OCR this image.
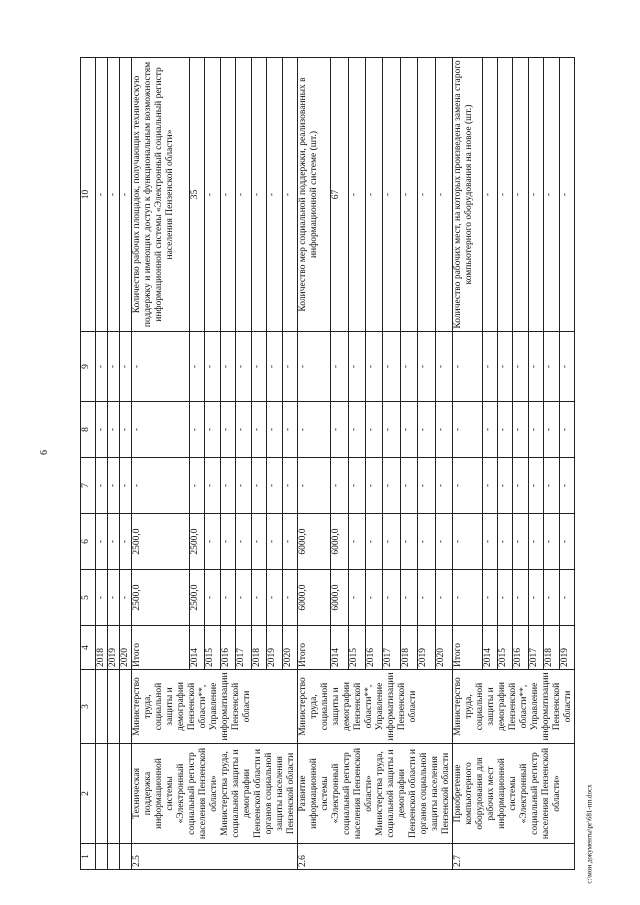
6
c:\мои документы\рг\681-пп.docx
1	2	3	4	5	6	7	8	9	10
			2018	-	-	-	-	-	-
			2019	-	-	-	-	-	-
			2020	-	-	-	-	-	-
2.5	Техническая поддержка информационной системы «Электронный социальный регистр населения Пензенской области» Министерства труда, социальной защиты и демографии Пензенской области и органов социальной защиты населения Пензенской области	Министерство труда, социальной защиты и демографии Пензенской области**, Управление информатизации Пензенской области	Итого	2500,0	2500,0	-	-	-	Количество рабочих площадок, получающих техническую поддержку и имеющих доступ к функциональным возможностям информационной системы «Электронный социальный регистр населения Пензенской области»
			2014	2500,0	2500,0	-	-	-	35
			2015	-	-	-	-	-	-
			2016	-	-	-	-	-	-
			2017	-	-	-	-	-	-
			2018	-	-	-	-	-	-
			2019	-	-	-	-	-	-
			2020	-	-	-	-	-	-
2.6	Развитие информационной системы «Электронный социальный регистр населения Пензенской области» Министерства труда, социальной защиты и демографии Пензенской области и органов социальной защиты населения Пензенской области	Министерство труда, социальной защиты и демографии Пензенской области**, Управление информатизации Пензенской области	Итого	6000,0	6000,0	-	-	-	Количество мер социальной поддержки, реализованных в информационной системе (шт.)
			2014	6000,0	6000,0	-	-	-	67
			2015	-	-	-	-	-	-
			2016	-	-	-	-	-	-
			2017	-	-	-	-	-	-
			2018	-	-	-	-	-	-
			2019	-	-	-	-	-	-
			2020	-	-	-	-	-	-
2.7	Приобретение компьютерного оборудования для рабочих мест информационной системы «Электронный социальный регистр населения Пензенской области»	Министерство труда, социальной защиты и демографии Пензенской области**, Управление информатизации Пензенской области	Итого	-	-	-	-	-	Количество рабочих мест, на которых произведена замена старого компьютерного оборудования на новое (шт.)
			2014	-	-	-	-	-	-
			2015	-	-	-	-	-	-
			2016	-	-	-	-	-	-
			2017	-	-	-	-	-	-
			2018	-	-	-	-	-	-
			2019	-	-	-	-	-	-
